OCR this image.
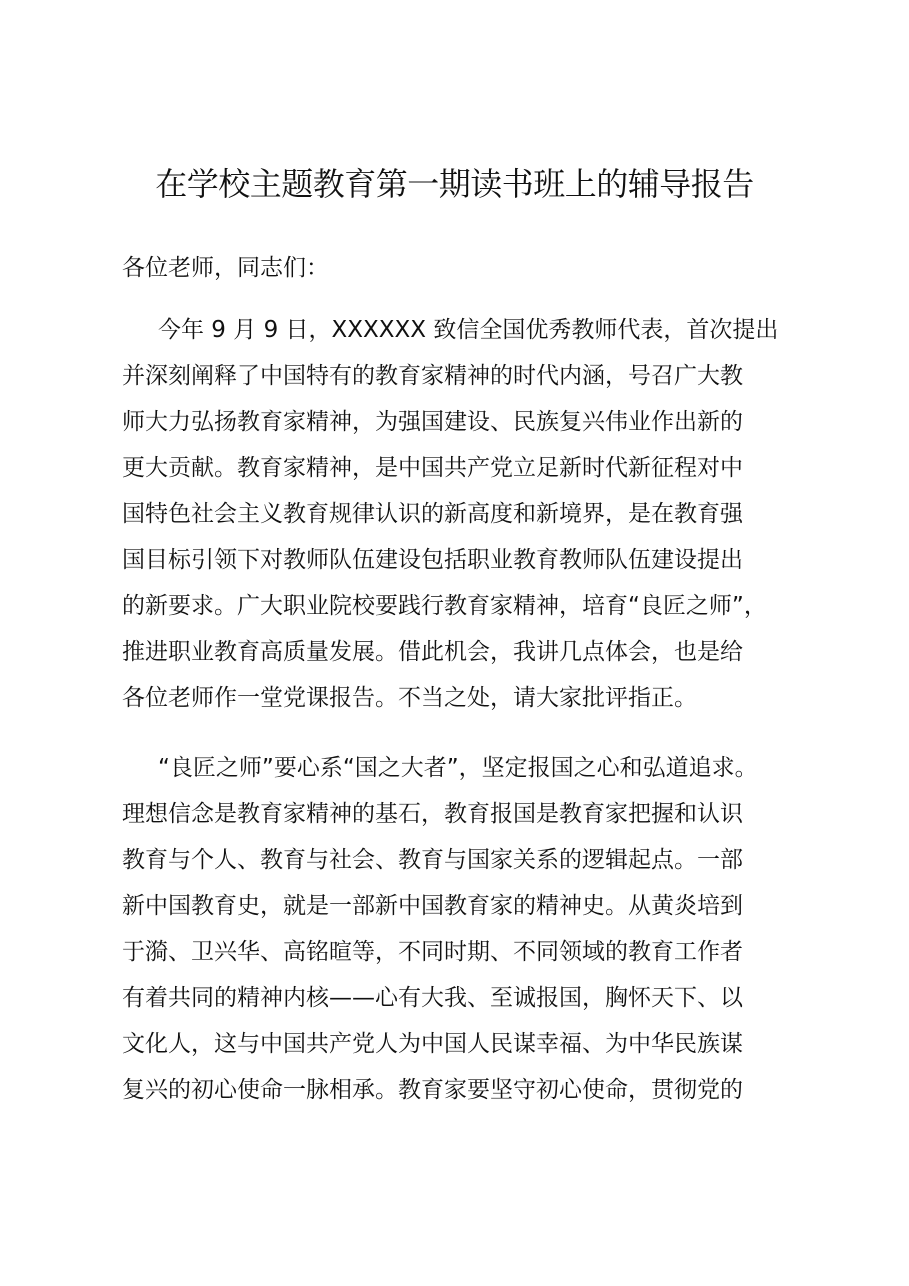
在学校主题教育第一期读书班上的辅导报告

各位老师，同志们：

今年 9 月 9 日，XXXXXX 致信全国优秀教师代表，首次提出

并深刻阐释了中国特有的教育家精神的时代内涵，号召广大教

师大力弘扬教育家精神，为强国建设、民族复兴伟业作出新的

更大贡献。教育家精神，是中国共产党立足新时代新征程对中

国特色社会主义教育规律认识的新高度和新境界，是在教育强

国目标引领下对教师队伍建设包括职业教育教师队伍建设提出

的新要求。广大职业院校要践行教育家精神，培育“良匠之师”，

推进职业教育高质量发展。借此机会，我讲几点体会，也是给

各位老师作一堂党课报告。不当之处，请大家批评指正。

“良匠之师”要心系“国之大者”，坚定报国之心和弘道追求。

理想信念是教育家精神的基石，教育报国是教育家把握和认识

教育与个人、教育与社会、教育与国家关系的逻辑起点。一部

新中国教育史，就是一部新中国教育家的精神史。从黄炎培到

于漪、卫兴华、高铭暄等，不同时期、不同领域的教育工作者

有着共同的精神内核——心有大我、至诚报国，胸怀天下、以

文化人，这与中国共产党人为中国人民谋幸福、为中华民族谋

复兴的初心使命一脉相承。教育家要坚守初心使命，贯彻党的
